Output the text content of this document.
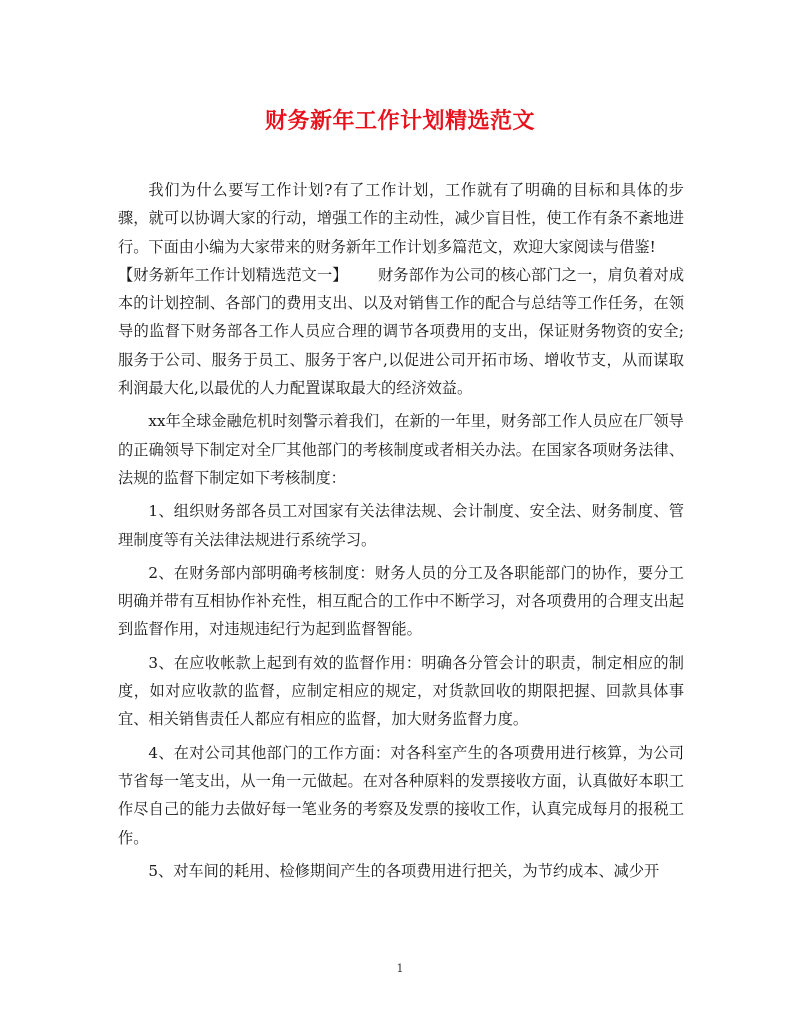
财务新年工作计划精选范文

我们为什么要写工作计划?有了工作计划，工作就有了明确的目标和具体的步骤，就可以协调大家的行动，增强工作的主动性，减少盲目性，使工作有条不紊地进行。下面由小编为大家带来的财务新年工作计划多篇范文，欢迎大家阅读与借鉴!

【财务新年工作计划精选范文一】 财务部作为公司的核心部门之一，肩负着对成本的计划控制、各部门的费用支出、以及对销售工作的配合与总结等工作任务，在领导的监督下财务部各工作人员应合理的调节各项费用的支出，保证财务物资的安全;服务于公司、服务于员工、服务于客户,以促进公司开拓市场、增收节支，从而谋取利润最大化,以最优的人力配置谋取最大的经济效益。

xx年全球金融危机时刻警示着我们，在新的一年里，财务部工作人员应在厂领导的正确领导下制定对全厂其他部门的考核制度或者相关办法。在国家各项财务法律、法规的监督下制定如下考核制度：

1、组织财务部各员工对国家有关法律法规、会计制度、安全法、财务制度、管理制度等有关法律法规进行系统学习。

2、在财务部内部明确考核制度：财务人员的分工及各职能部门的协作，要分工明确并带有互相协作补充性，相互配合的工作中不断学习，对各项费用的合理支出起到监督作用，对违规违纪行为起到监督智能。

3、在应收帐款上起到有效的监督作用：明确各分管会计的职责，制定相应的制度，如对应收款的监督，应制定相应的规定，对货款回收的期限把握、回款具体事宜、相关销售责任人都应有相应的监督，加大财务监督力度。

4、在对公司其他部门的工作方面：对各科室产生的各项费用进行核算，为公司节省每一笔支出，从一角一元做起。在对各种原料的发票接收方面，认真做好本职工作尽自己的能力去做好每一笔业务的考察及发票的接收工作，认真完成每月的报税工作。

5、对车间的耗用、检修期间产生的各项费用进行把关，为节约成本、减少开

1
